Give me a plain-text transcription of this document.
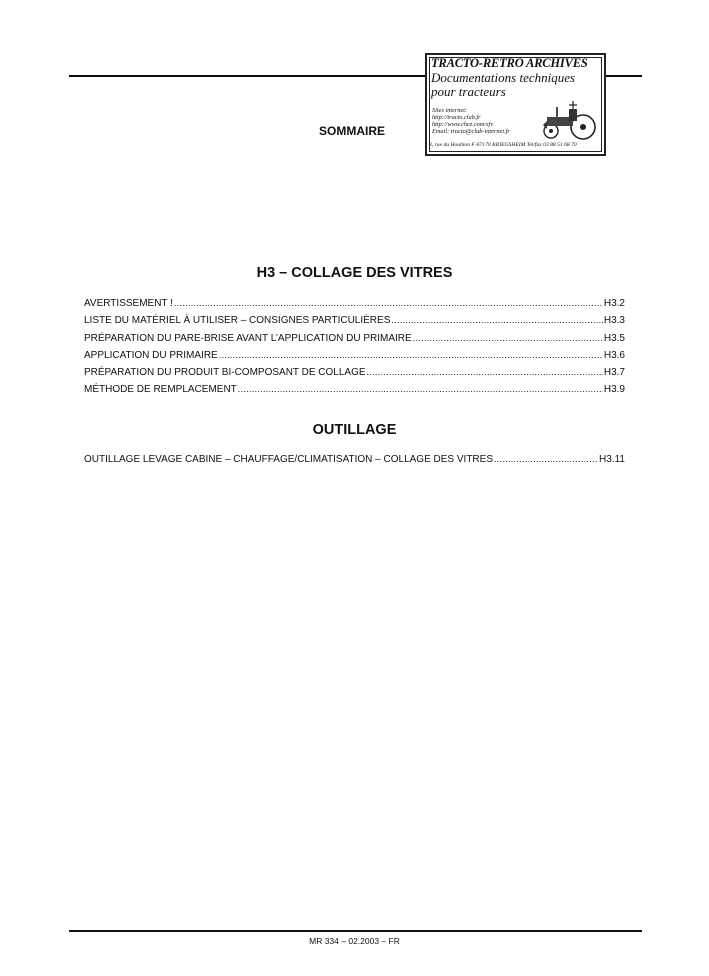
TRACTO-RETRO ARCHIVES
Documentations techniques
pour tracteurs
Sites internet:
http://tracto.club.fr
http://www.chez.com/sfv
Email: tracto@club-internet.fr
3, rue du Houblon F-67170 KRIEGSHEIM Tel/fax 03 88 51 68 70
SOMMAIRE
H3 – COLLAGE DES VITRES
AVERTISSEMENT ! .....	H3.2
LISTE DU MATÉRIEL À UTILISER – CONSIGNES PARTICULIÈRES .....	H3.3
PRÉPARATION DU PARE-BRISE AVANT L’APPLICATION DU PRIMAIRE .....	H3.5
APPLICATION DU PRIMAIRE .....	H3.6
PRÉPARATION DU PRODUIT BI-COMPOSANT DE COLLAGE .....	H3.7
MÉTHODE DE REMPLACEMENT .....	H3.9
OUTILLAGE
OUTILLAGE LEVAGE CABINE – CHAUFFAGE/CLIMATISATION – COLLAGE DES VITRES .....	H3.11
MR 334 – 02.2003 – FR
